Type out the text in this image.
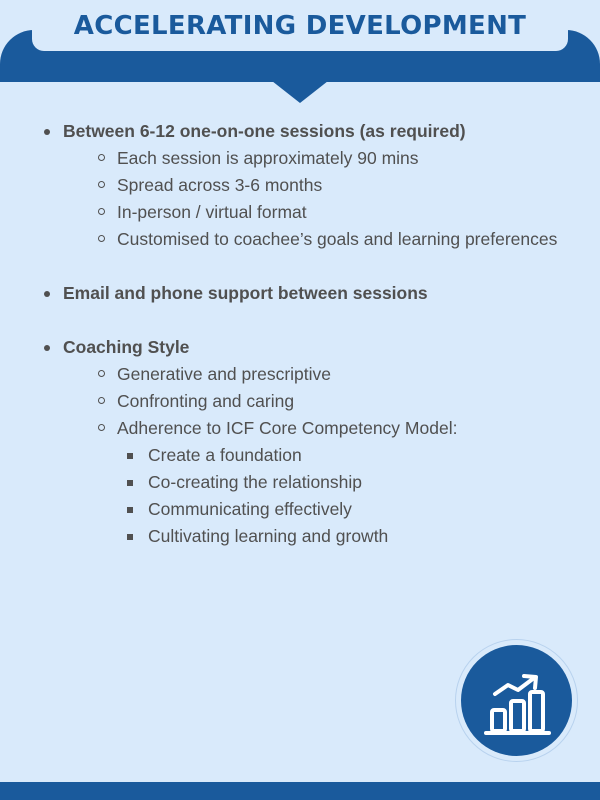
ACCELERATING DEVELOPMENT
Between 6-12 one-on-one sessions (as required)
Each session is approximately 90 mins
Spread across 3-6 months
In-person / virtual format
Customised to coachee’s goals and learning preferences
Email and phone support between sessions
Coaching Style
Generative and prescriptive
Confronting and caring
Adherence to ICF Core Competency Model:
Create a foundation
Co-creating the relationship
Communicating effectively
Cultivating learning and growth
